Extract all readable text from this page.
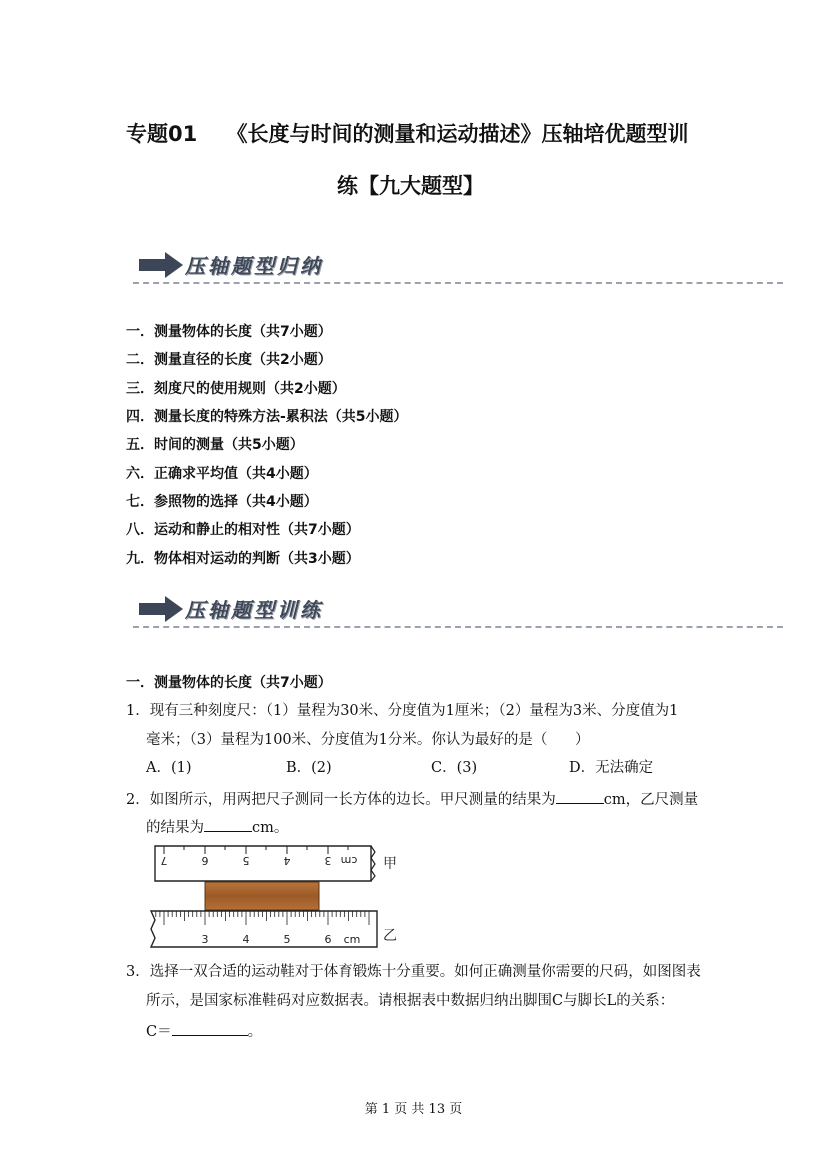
专题01    《长度与时间的测量和运动描述》压轴培优题型训
练【九大题型】
压轴题型归纳
一．测量物体的长度（共7小题）
二．测量直径的长度（共2小题）
三．刻度尺的使用规则（共2小题）
四．测量长度的特殊方法-累积法（共5小题）
五．时间的测量（共5小题）
六．正确求平均值（共4小题）
七．参照物的选择（共4小题）
八．运动和静止的相对性（共7小题）
九．物体相对运动的判断（共3小题）
压轴题型训练
一．测量物体的长度（共7小题）
1．现有三种刻度尺：（1）量程为30米、分度值为1厘米；（2）量程为3米、分度值为1
毫米；（3）量程为100米、分度值为1分米。你认为最好的是（      ）
A．(1)	B．(2)	C．(3)	D．无法确定
2．如图所示，用两把尺子测同一长方体的边长。甲尺测量的结果为	cm，乙尺测量
的结果为	cm。
7	6	5	4	3 cm 甲
3	4	5	6 cm 乙
3．选择一双合适的运动鞋对于体育锻炼十分重要。如何正确测量你需要的尺码，如图图表
所示，是国家标准鞋码对应数据表。请根据表中数据归纳出脚围C与脚长L的关系：
C＝	。
第 1 页 共 13 页
